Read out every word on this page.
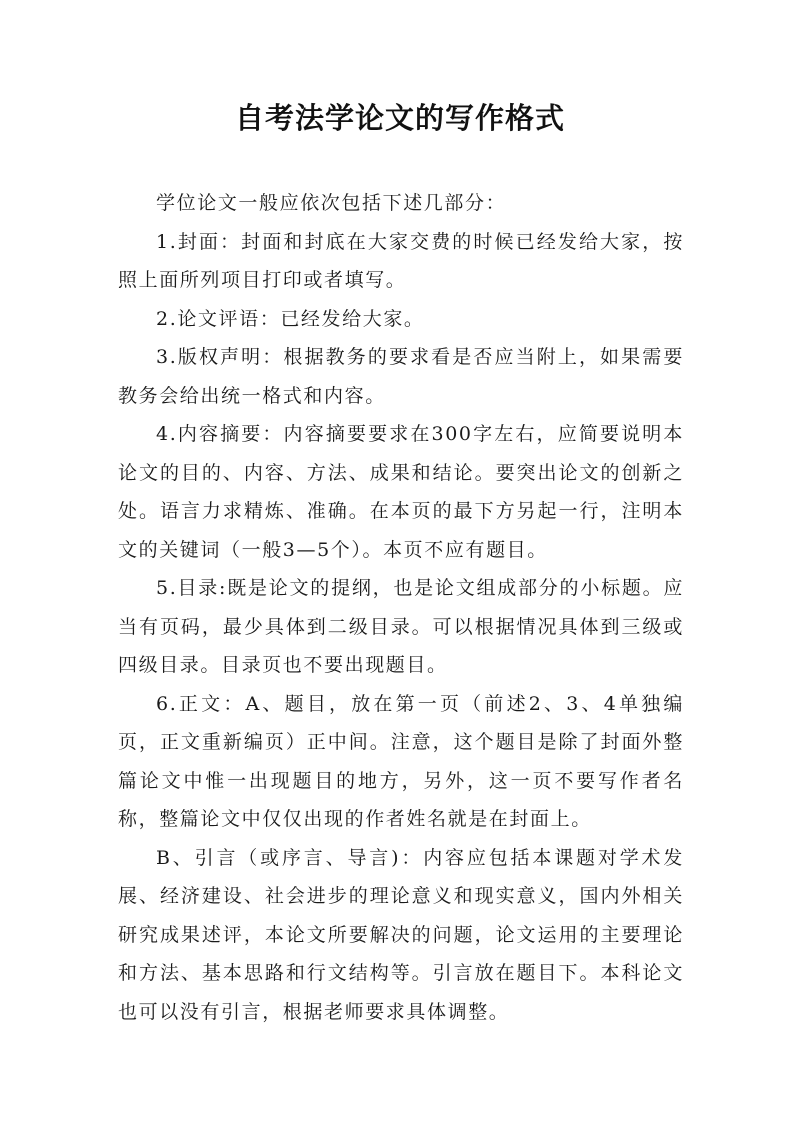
自考法学论文的写作格式

学位论文一般应依次包括下述几部分：

1.封面：封面和封底在大家交费的时候已经发给大家，按照上面所列项目打印或者填写。

2.论文评语：已经发给大家。

3.版权声明：根据教务的要求看是否应当附上，如果需要教务会给出统一格式和内容。

4.内容摘要：内容摘要要求在300字左右，应简要说明本论文的目的、内容、方法、成果和结论。要突出论文的创新之处。语言力求精炼、准确。在本页的最下方另起一行，注明本文的关键词（一般3—5个）。本页不应有题目。

5.目录:既是论文的提纲，也是论文组成部分的小标题。应当有页码，最少具体到二级目录。可以根据情况具体到三级或四级目录。目录页也不要出现题目。

6.正文：A、题目，放在第一页（前述2、3、4单独编页，正文重新编页）正中间。注意，这个题目是除了封面外整篇论文中惟一出现题目的地方，另外，这一页不要写作者名称，整篇论文中仅仅出现的作者姓名就是在封面上。

B、引言（或序言、导言)：内容应包括本课题对学术发展、经济建设、社会进步的理论意义和现实意义，国内外相关研究成果述评，本论文所要解决的问题，论文运用的主要理论和方法、基本思路和行文结构等。引言放在题目下。本科论文也可以没有引言，根据老师要求具体调整。
